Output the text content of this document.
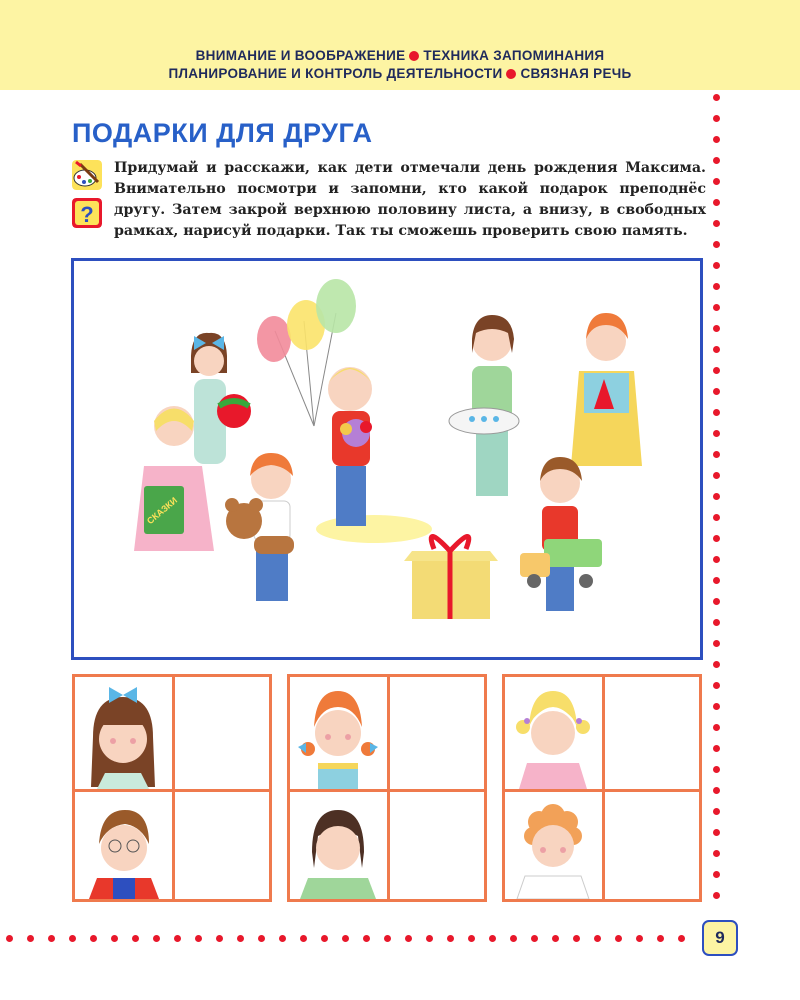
ВНИМАНИЕ И ВООБРАЖЕНИЕ ТЕХНИКА ЗАПОМИНАНИЯ
ПЛАНИРОВАНИЕ И КОНТРОЛЬ ДЕЯТЕЛЬНОСТИ СВЯЗНАЯ РЕЧЬ
ПОДАРКИ ДЛЯ ДРУГА

?
Придумай и расскажи, как дети отмечали день рождения Максима. Внимательно посмотри и запомни, кто какой подарок преподнёс другу. Затем закрой верхнюю половину листа, а внизу, в свободных рамках, нарисуй подарки. Так ты сможешь проверить свою память.
СКАЗКИ
9
